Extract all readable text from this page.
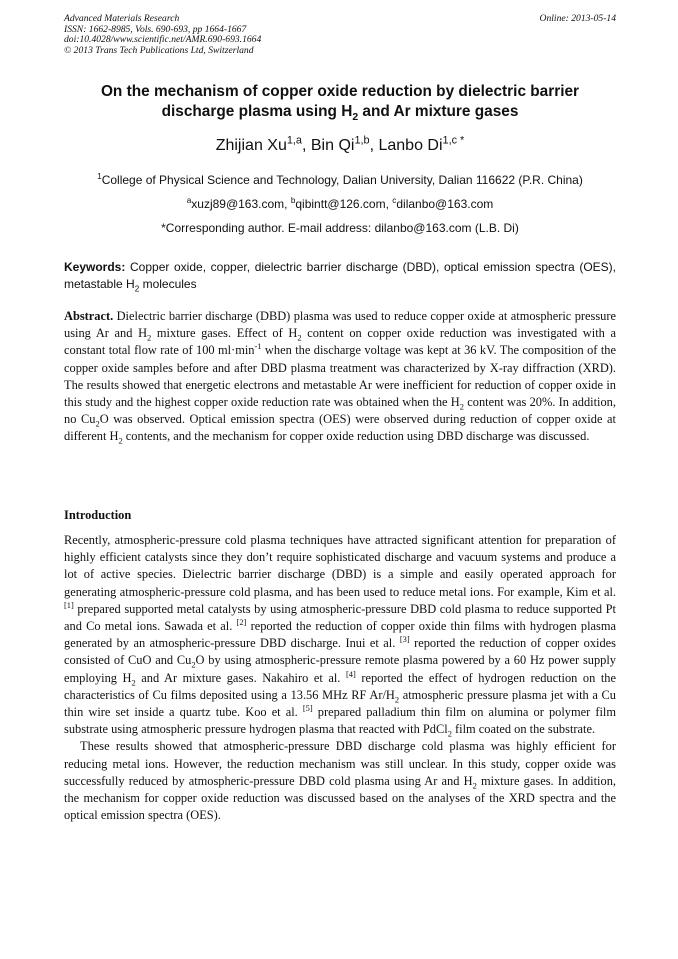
Advanced Materials Research
ISSN: 1662-8985, Vols. 690-693, pp 1664-1667
doi:10.4028/www.scientific.net/AMR.690-693.1664
© 2013 Trans Tech Publications Ltd, Switzerland
Online: 2013-05-14
On the mechanism of copper oxide reduction by dielectric barrier
discharge plasma using $H_2$ and Ar mixture gases
Zhijian Xu$^{1,a}$, Bin Qi$^{1,b}$, Lanbo $Di^{1,c *}$
$^1$College of Physical Science and Technology, Dalian University, Dalian 116622 (P.R. China)
$^a$xuzj89@163.com, $^b$qibintt@126.com, $^c$dilanbo@163.com
*Corresponding author. E-mail address: dilanbo@163.com (L.B. Di)
Keywords: Copper oxide, copper, dielectric barrier discharge (DBD), optical emission spectra (OES), metastable $H_2$ molecules
Abstract. Dielectric barrier discharge (DBD) plasma was used to reduce copper oxide at atmospheric pressure using Ar and $H_2$ mixture gases. Effect of $H_2$ content on copper oxide reduction was investigated with a constant total flow rate of 100 $ml\cdot\min^{-1}$ when the discharge voltage was kept at 36 kV. The composition of the copper oxide samples before and after DBD plasma treatment was characterized by X-ray diffraction (XRD). The results showed that energetic electrons and metastable Ar were inefficient for reduction of copper oxide in this study and the highest copper oxide reduction rate was obtained when the $H_2$ content was 20%. In addition, no $Cu_2O$ was observed. Optical emission spectra (OES) were observed during reduction of copper oxide at different $H_2$ contents, and the mechanism for copper oxide reduction using DBD discharge was discussed.
Introduction

Recently, atmospheric-pressure cold plasma techniques have attracted significant attention for preparation of highly efficient catalysts since they don’t require sophisticated discharge and vacuum systems and produce a lot of active species. Dielectric barrier discharge (DBD) is a simple and easily operated approach for generating atmospheric-pressure cold plasma, and has been used to reduce metal ions. For example, Kim et al. [1] prepared supported metal catalysts by using atmospheric-pressure DBD cold plasma to reduce supported Pt and Co metal ions. Sawada et al. [2] reported the reduction of copper oxide thin films with hydrogen plasma generated by an atmospheric-pressure DBD discharge. Inui et al. [3] reported the reduction of copper oxides consisted of CuO and $Cu_2O$ by using atmospheric-pressure remote plasma powered by a 60 Hz power supply employing $H_2$ and Ar mixture gases. Nakahiro et al. [4] reported the effect of hydrogen reduction on the characteristics of Cu films deposited using a 13.56 MHz RF $Ar/H_2$ atmospheric pressure plasma jet with a Cu thin wire set inside a quartz tube. Koo et al. [5] prepared palladium thin film on alumina or polymer film substrate using atmospheric pressure hydrogen plasma that reacted with PdCl$_2$ film coated on the substrate.

These results showed that atmospheric-pressure DBD discharge cold plasma was highly efficient for reducing metal ions. However, the reduction mechanism was still unclear. In this study, copper oxide was successfully reduced by atmospheric-pressure DBD cold plasma using Ar and $H_2$ mixture gases. In addition, the mechanism for copper oxide reduction was discussed based on the analyses of the XRD spectra and the optical emission spectra (OES).
